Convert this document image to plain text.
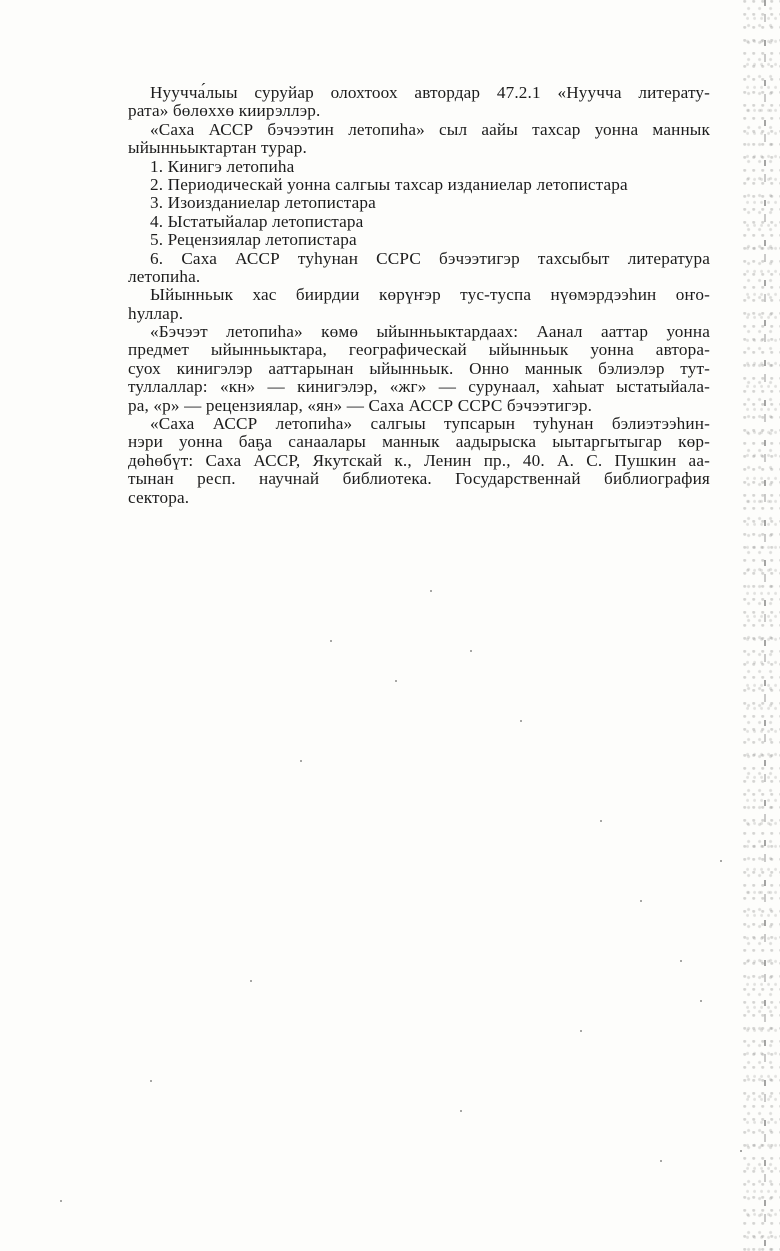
Нуучча́лыы суруйар олохтоох автордар 47.2.1 «Нуучча литерату-
рата» бөлөххө киирэллэр.
«Саха АССР бэчээтин летопиһа» сыл аайы тахсар уонна маннык
ыйынньыктартан турар.
1. Кинигэ летопиһа
2. Периодическай уонна салгыы тахсар изданиелар летопистара
3. Изоизданиелар летопистара
4. Ыстатыйалар летопистара
5. Рецензиялар летопистара
6. Саха АССР туһунан ССРС бэчээтигэр тахсыбыт литература
летопиһа.
Ыйынньык хас биирдии көрүҥэр тус-туспа нүөмэрдээһин оҥо-
һуллар.
«Бэчээт летопиһа» көмө ыйынньыктардаах: Аанал ааттар уонна
предмет ыйынньыктара, географическай ыйынньык уонна автора-
суох кинигэлэр ааттарынан ыйынньык. Онно маннык бэлиэлэр тут-
туллаллар: «кн» — кинигэлэр, «жг» — сурунаал, хаһыат ыстатыйала-
ра, «р» — рецензиялар, «ян» — Саха АССР ССРС бэчээтигэр.
«Саха АССР летопиһа» салгыы тупсарын туһунан бэлиэтээһин-
нэри уонна баҕа санаалары маннык аадырыска ыытаргытыгар көр-
дөһөбүт: Саха АССР, Якутскай к., Ленин пр., 40. А. С. Пушкин аа-
тынан респ. научнай библиотека. Государственнай библиография
сектора.
